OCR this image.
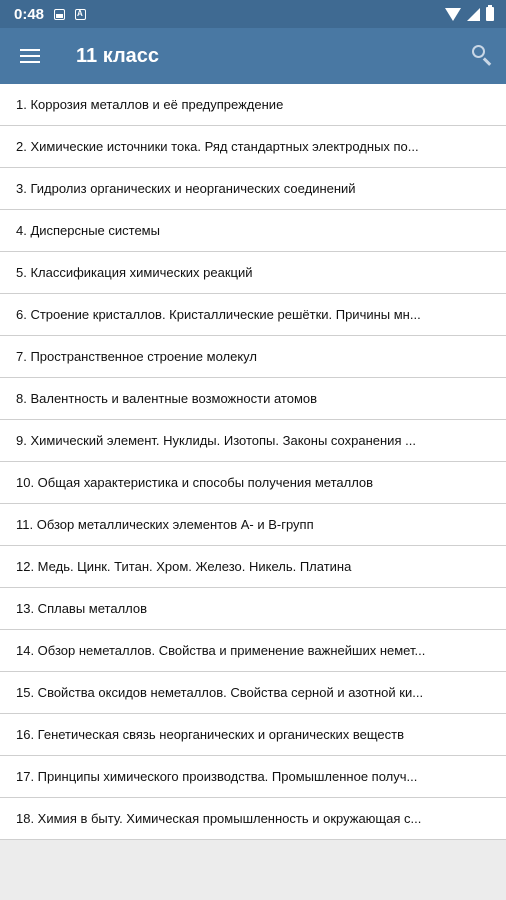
0:48
A
11 класс
1. Коррозия металлов и её предупреждение
2. Химические источники тока. Ряд стандартных электродных по...
3. Гидролиз органических и неорганических соединений
4. Дисперсные системы
5. Классификация химических реакций
6. Строение кристаллов. Кристаллические решётки. Причины мн...
7. Пространственное строение молекул
8. Валентность и валентные возможности атомов
9. Химический элемент. Нуклиды. Изотопы. Законы сохранения ...
10. Общая характеристика и способы получения металлов
11. Обзор металлических элементов А- и В-групп
12. Медь. Цинк. Титан. Хром. Железо. Никель. Платина
13. Сплавы металлов
14. Обзор неметаллов. Свойства и применение важнейших немет...
15. Свойства оксидов неметаллов. Свойства серной и азотной ки...
16. Генетическая связь неорганических и органических веществ
17. Принципы химического производства. Промышленное получ...
18. Химия в быту. Химическая промышленность и окружающая с...
